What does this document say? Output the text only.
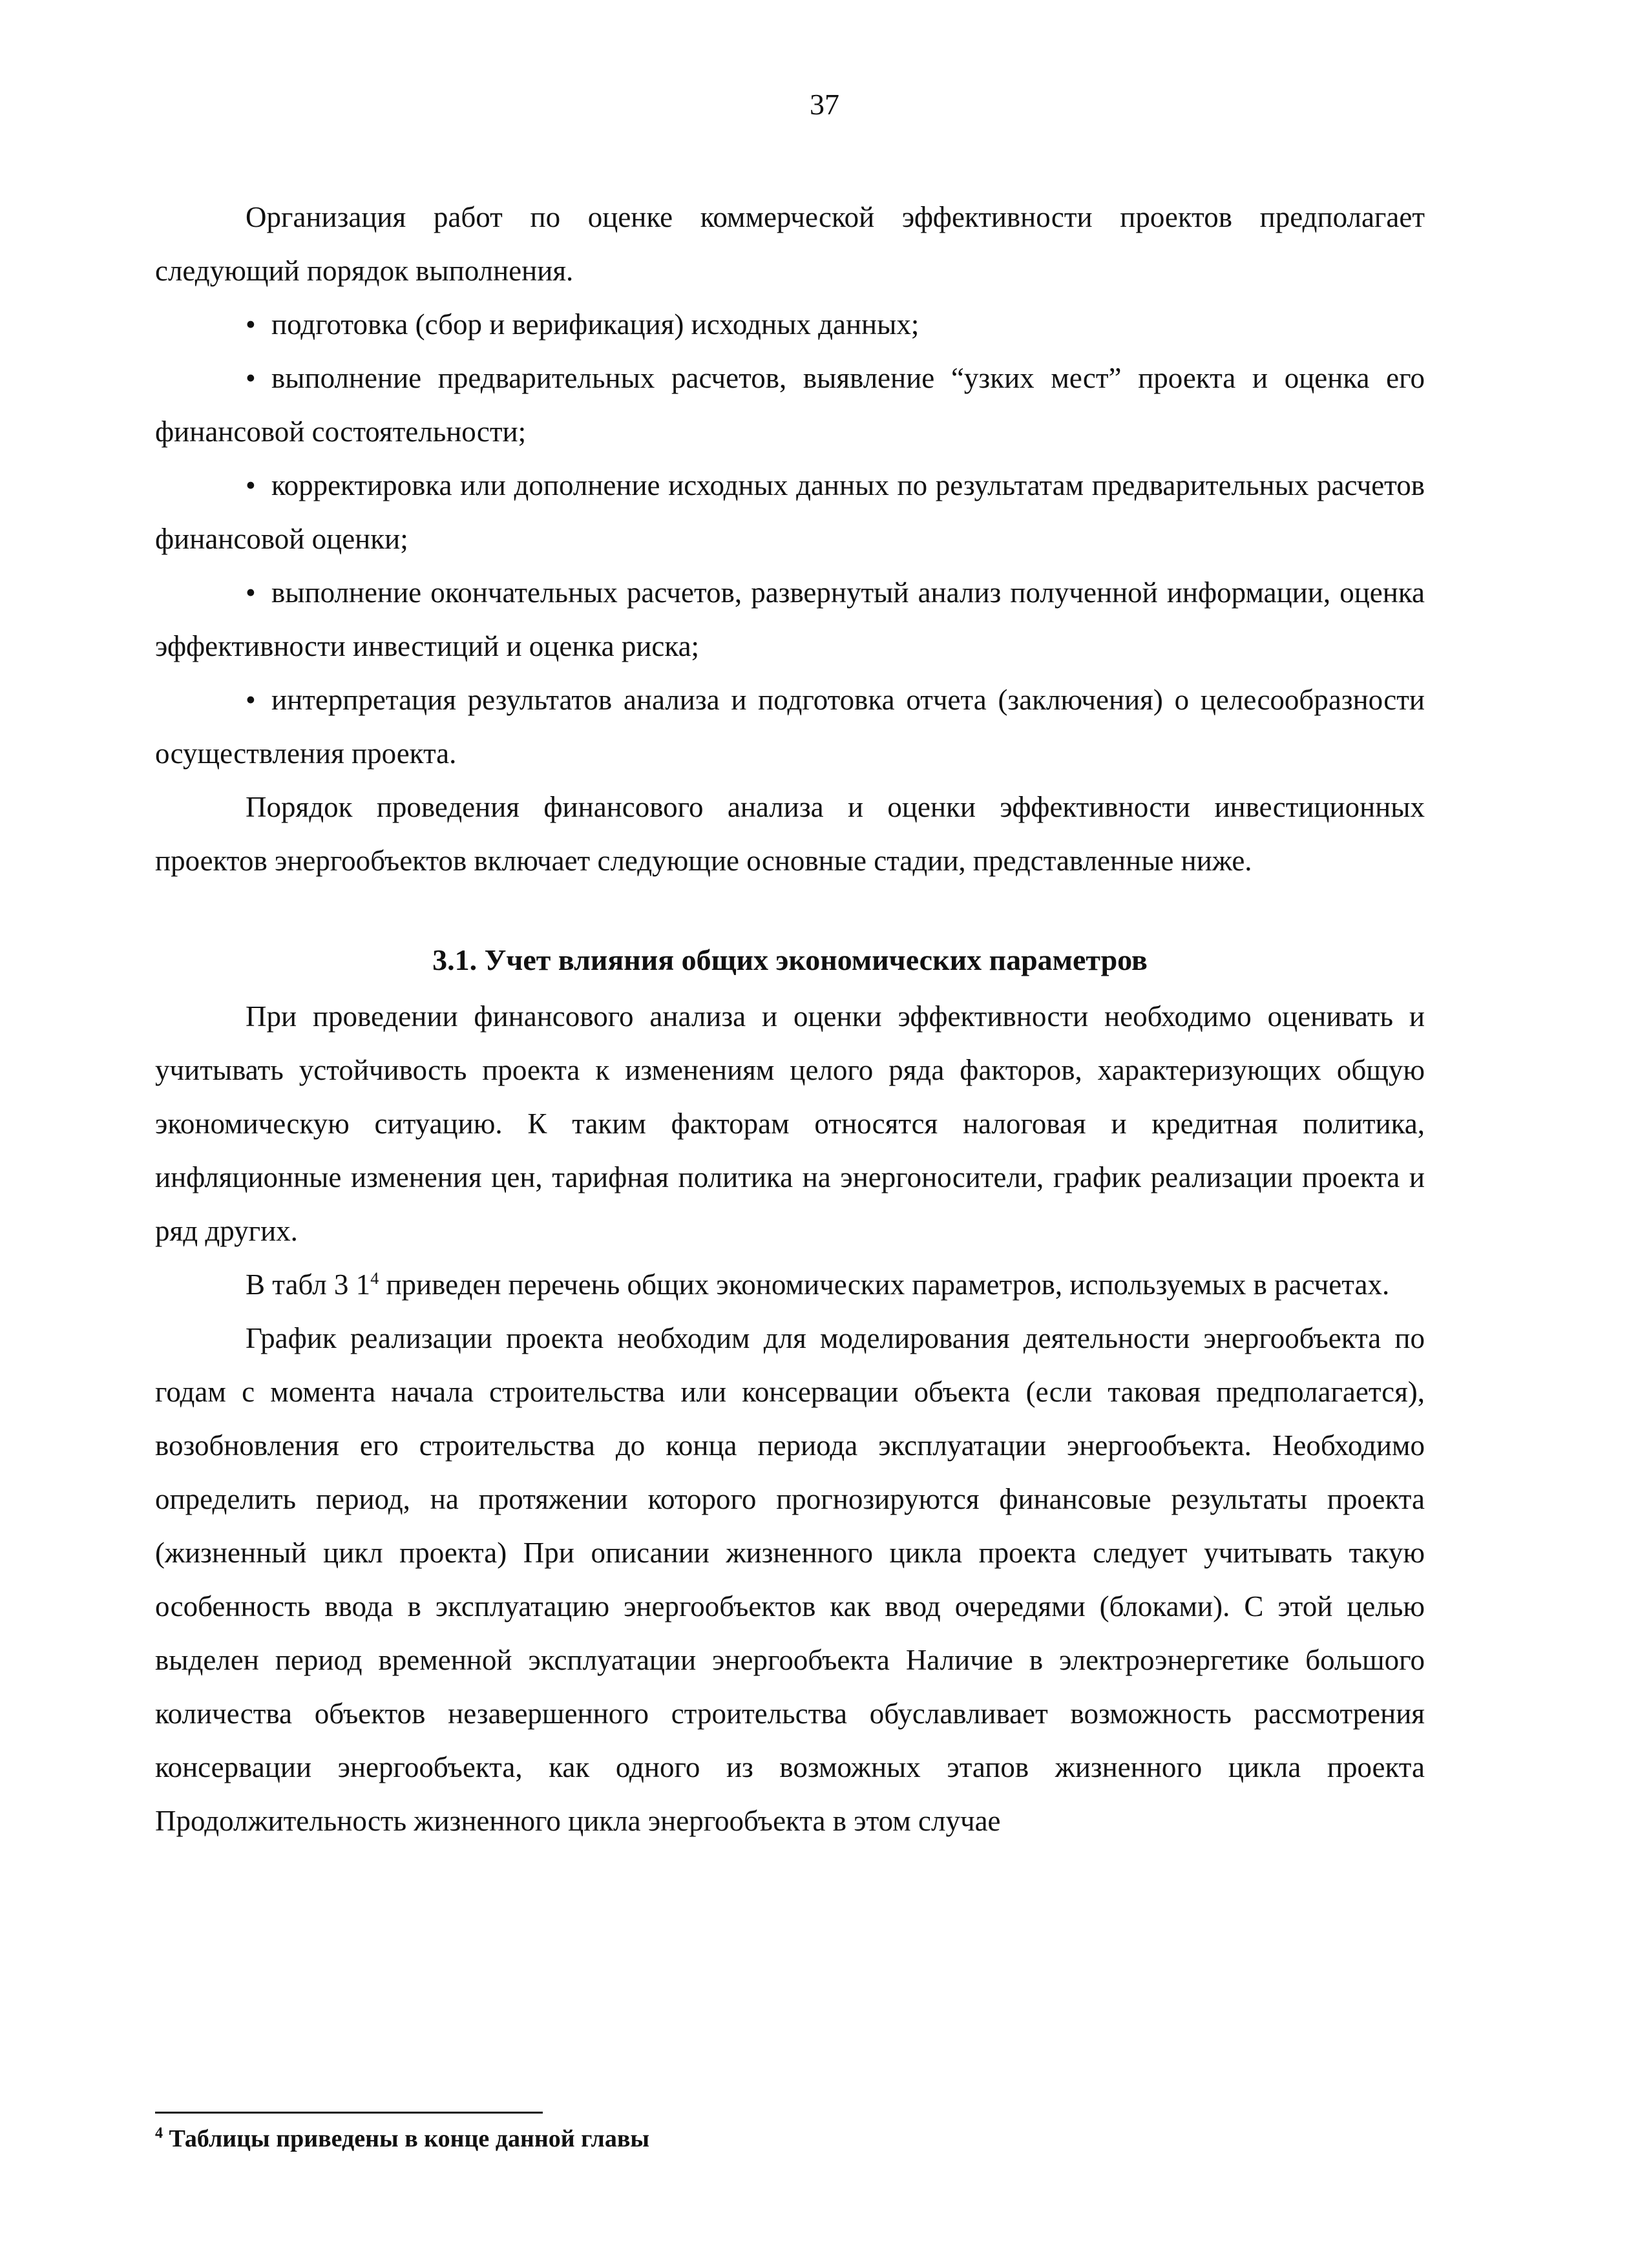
37

Организация работ по оценке коммерческой эффективности проектов предполагает следующий порядок выполнения.

• подготовка (сбор и верификация) исходных данных;

• выполнение предварительных расчетов, выявление “узких мест” проекта и оценка его финансовой состоятельности;

• корректировка или дополнение исходных данных по результатам предварительных расчетов финансовой оценки;

• выполнение окончательных расчетов, развернутый анализ полученной информации, оценка эффективности инвестиций и оценка риска;

• интерпретация результатов анализа и подготовка отчета (заключения) о целесообразности осуществления проекта.

Порядок проведения финансового анализа и оценки эффективности инвестиционных проектов энергообъектов включает следующие основные стадии, представленные ниже.

3.1. Учет влияния общих экономических параметров

При проведении финансового анализа и оценки эффективности необходимо оценивать и учитывать устойчивость проекта к изменениям целого ряда факторов, характеризующих общую экономическую ситуацию. К таким факторам относятся налоговая и кредитная политика, инфляционные изменения цен, тарифная политика на энергоносители, график реализации проекта и ряд других.

В табл 3 $1^4$ приведен перечень общих экономических параметров, используемых в расчетах.

График реализации проекта необходим для моделирования деятельности энергообъекта по годам с момента начала строительства или консервации объекта (если таковая предполагается), возобновления его строительства до конца периода эксплуатации энергообъекта. Необходимо определить период, на протяжении которого прогнозируются финансовые результаты проекта (жизненный цикл проекта) При описании жизненного цикла проекта следует учитывать такую особенность ввода в эксплуатацию энергообъектов как ввод очередями (блоками). С этой целью выделен период временной эксплуатации энергообъекта Наличие в электроэнергетике большого количества объектов незавершенного строительства обуславливает возможность рассмотрения консервации энергообъекта, как одного из возможных этапов жизненного цикла проекта Продолжительность жизненного цикла энергообъекта в этом случае

$^4$ Таблицы приведены в конце данной главы
